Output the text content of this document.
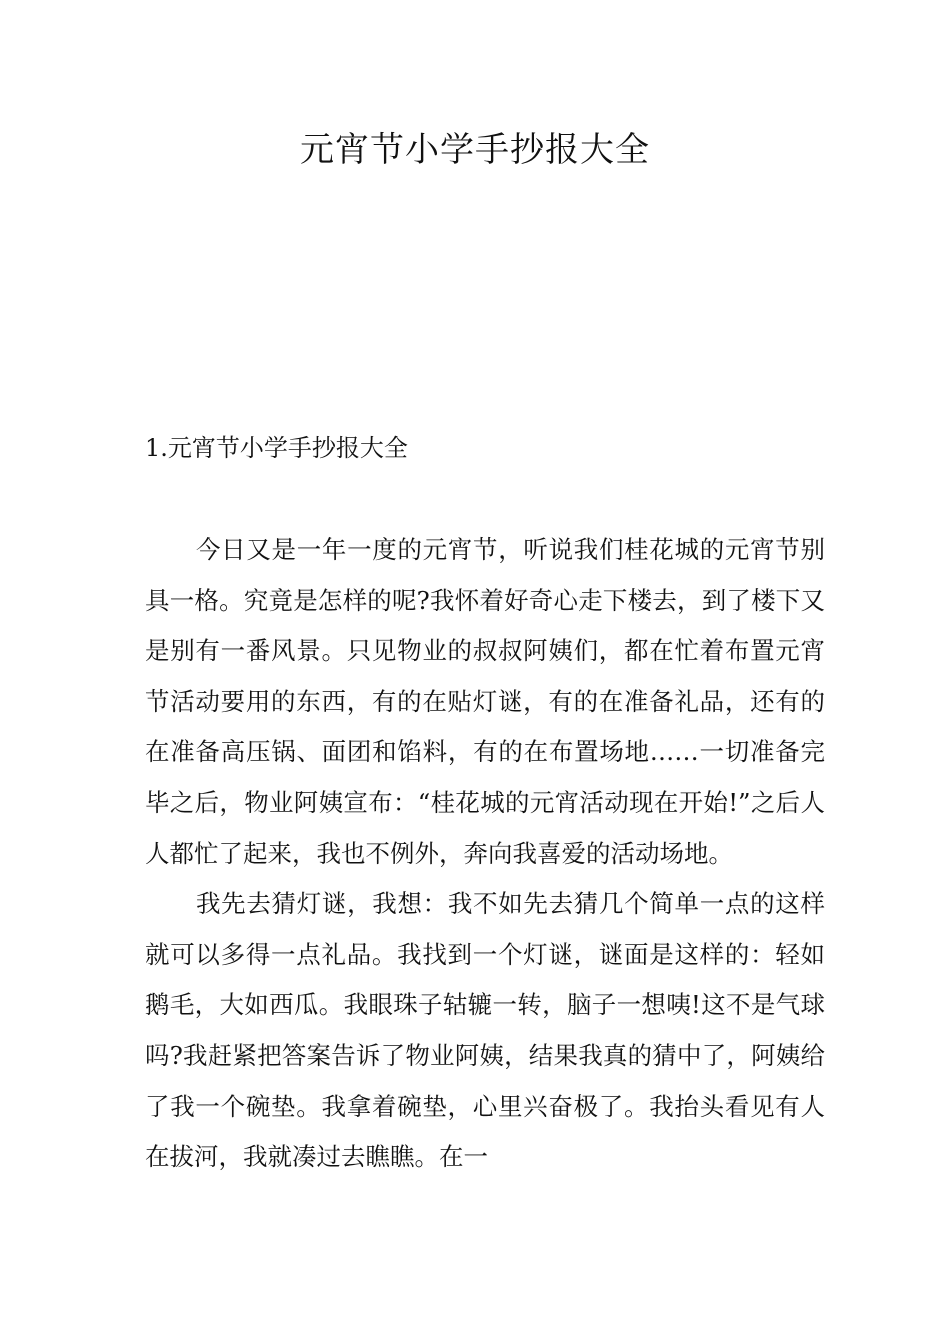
元宵节小学手抄报大全
1.元宵节小学手抄报大全

今日又是一年一度的元宵节，听说我们桂花城的元宵节别具一格。究竟是怎样的呢?我怀着好奇心走下楼去，到了楼下又是别有一番风景。只见物业的叔叔阿姨们，都在忙着布置元宵节活动要用的东西，有的在贴灯谜，有的在准备礼品，还有的在准备高压锅、面团和馅料，有的在布置场地……一切准备完毕之后，物业阿姨宣布：“桂花城的元宵活动现在开始!”之后人人都忙了起来，我也不例外，奔向我喜爱的活动场地。

我先去猜灯谜，我想：我不如先去猜几个简单一点的这样就可以多得一点礼品。我找到一个灯谜，谜面是这样的：轻如鹅毛，大如西瓜。我眼珠子轱辘一转，脑子一想咦!这不是气球吗?我赶紧把答案告诉了物业阿姨，结果我真的猜中了，阿姨给了我一个碗垫。我拿着碗垫，心里兴奋极了。我抬头看见有人在拔河，我就凑过去瞧瞧。在一
